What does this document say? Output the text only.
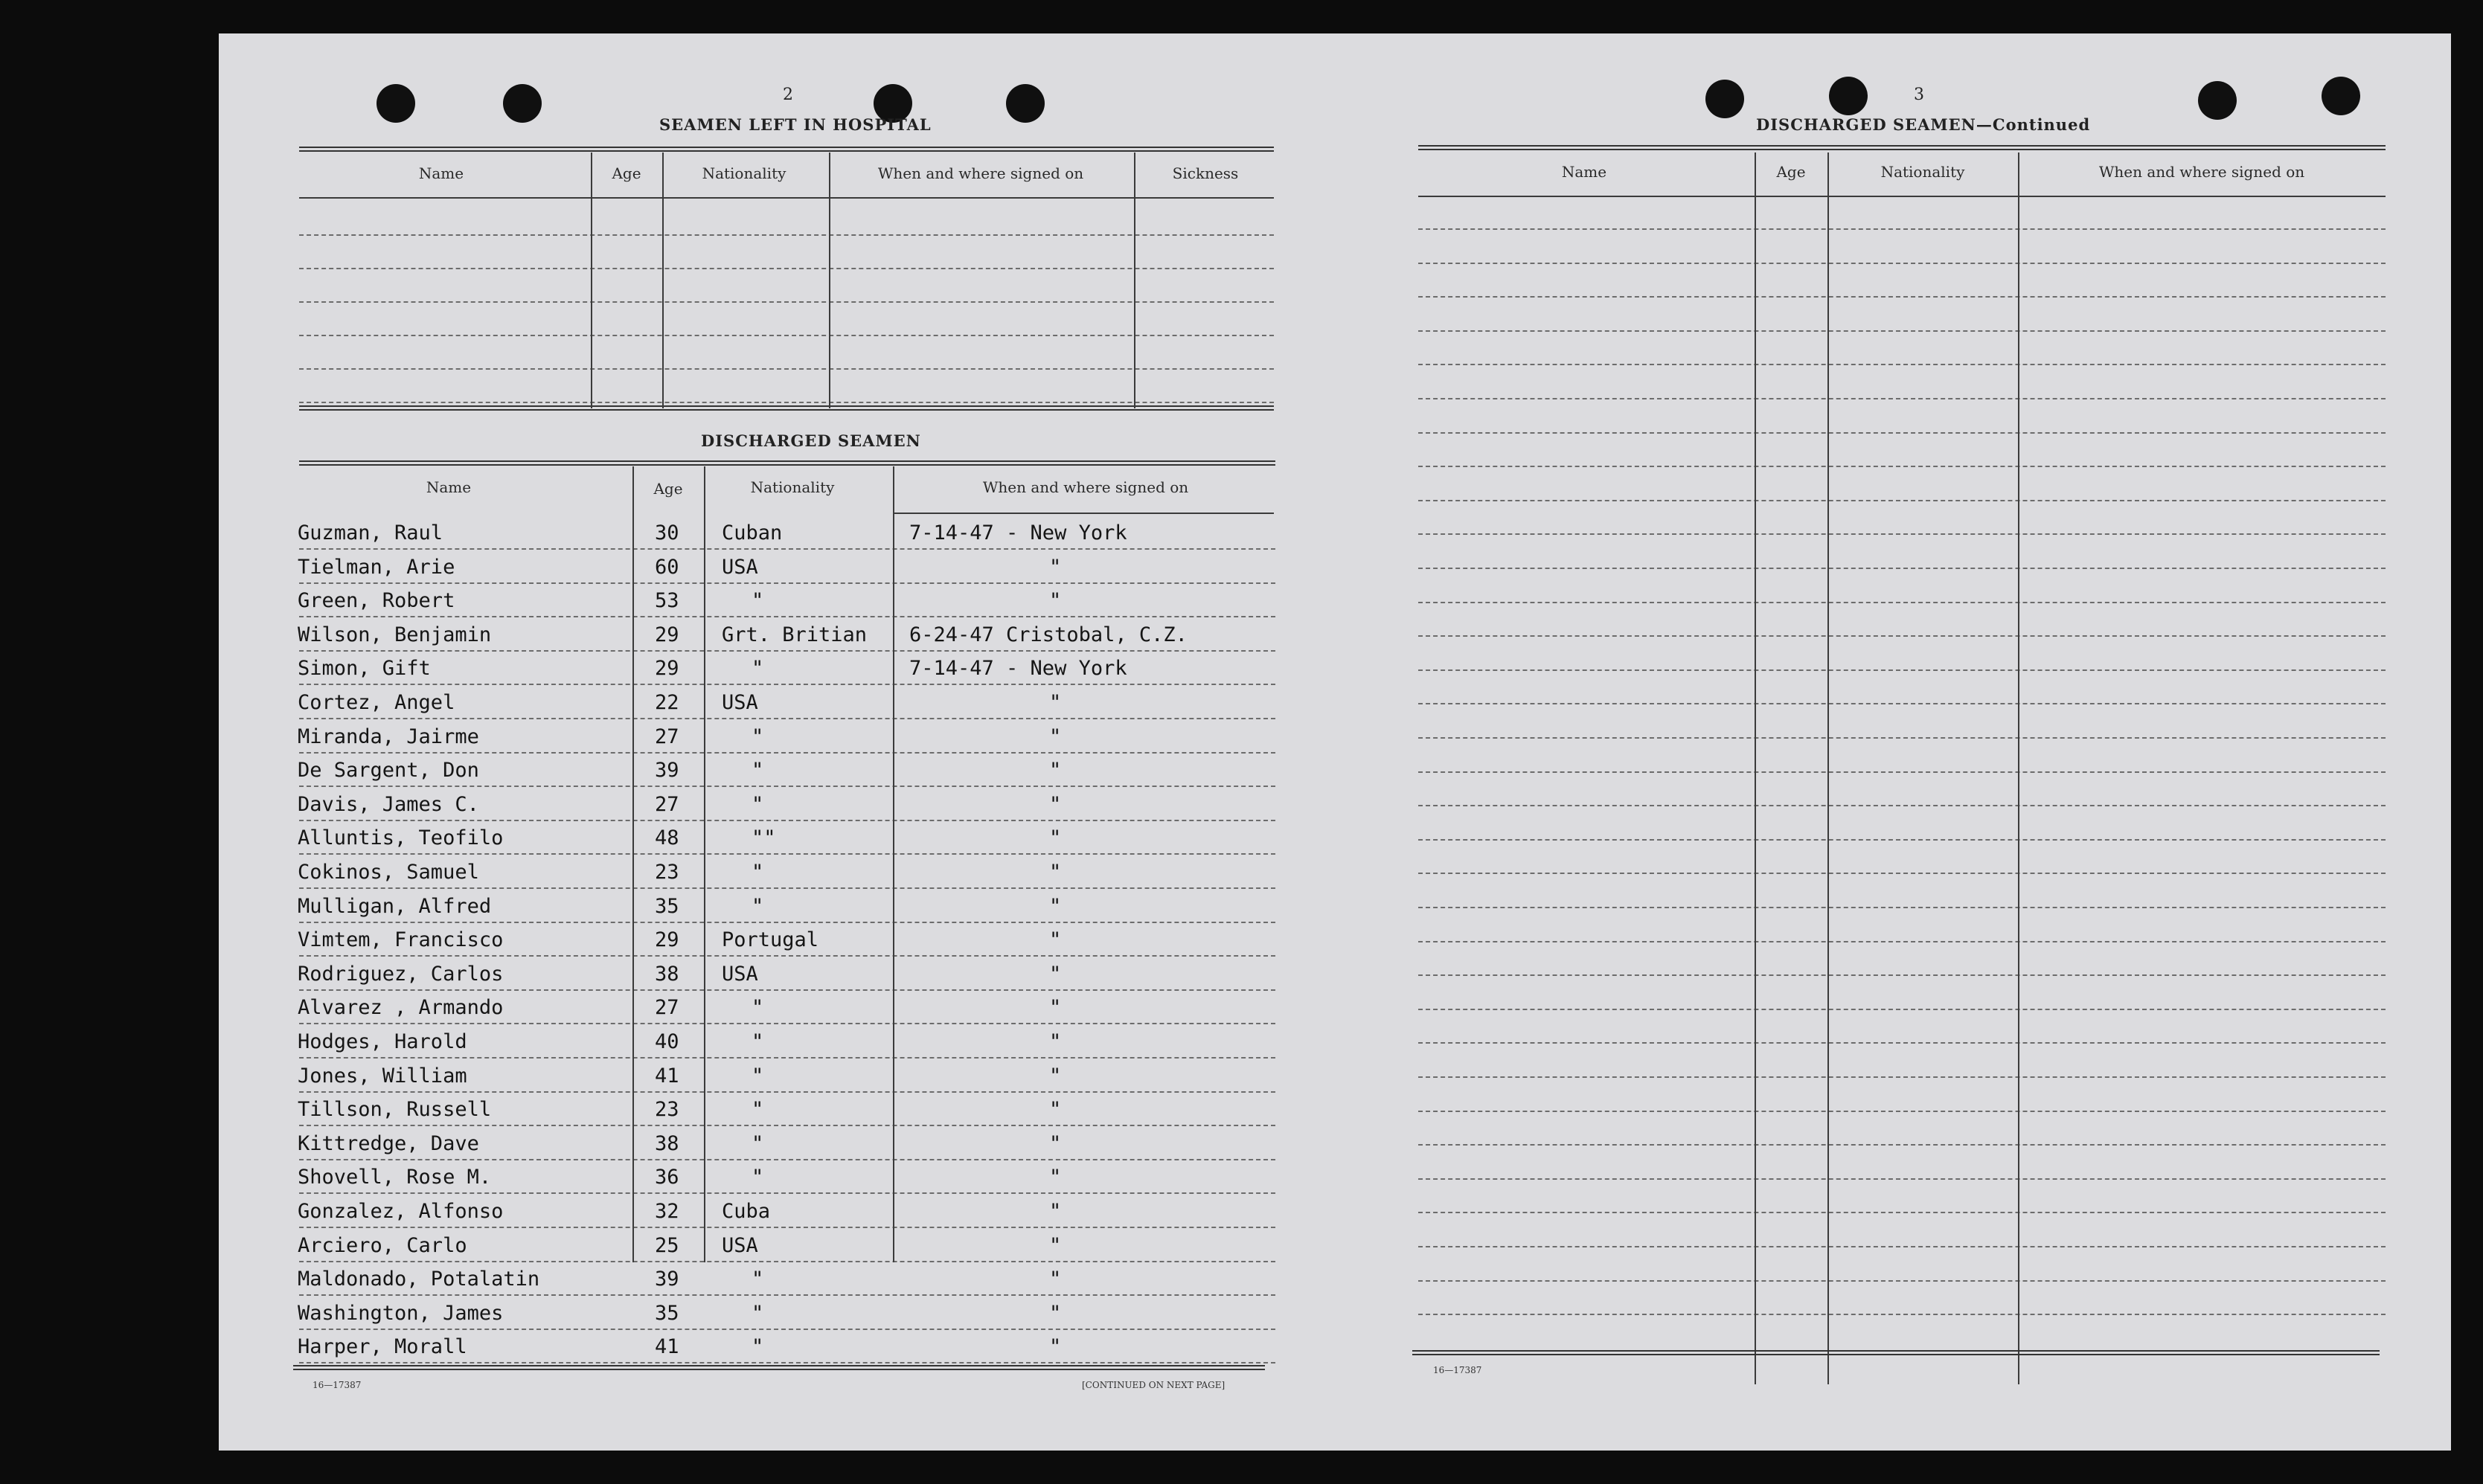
2
SEAMEN LEFT IN HOSPITAL
Name	Age	Nationality	When and where signed on	Sickness
DISCHARGED SEAMEN
Name	Age	Nationality	When and where signed on
Guzman, Raul	30 Cuban	7-14-47 - New York
Tielman, Arie	60 USA	"
Green, Robert	53	"	"
Wilson, Benjamin	29 Grt. Britian 6-24-47 Cristobal, C.Z.
Simon, Gift	29	"	7-14-47 - New York
Cortez, Angel	22 USA	"
Miranda, Jairme	27	"	"
De Sargent, Don	39	"	"
Davis, James C.	27	"	"
Alluntis, Teofilo	48	""	"
Cokinos, Samuel	23	"	"
Mulligan, Alfred	35	"	"
Vimtem, Francisco	29 Portugal	"
Rodriguez, Carlos	38 USA	"
Alvarez , Armando	27	"	"
Hodges, Harold	40	"	"
Jones, William	41	"	"
Tillson, Russell	23	"	"
Kittredge, Dave	38	"	"
Shovell, Rose M.	36	"	"
Gonzalez, Alfonso	32 Cuba	"
Arciero, Carlo	25 USA	"
Maldonado, Potalatin	39	"	"
Washington, James	35	"	"
Harper, Morall	41	"	"
16—17387	[CONTINUED ON NEXT PAGE]
3
DISCHARGED SEAMEN—Continued
Name	Age	Nationality	When and where signed on
16—17387
